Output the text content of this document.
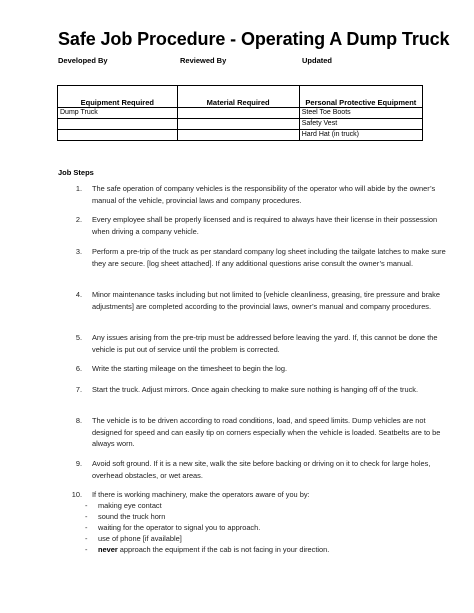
Safe Job Procedure - Operating A Dump Truck
Developed By	Reviewed By	Updated
Equipment Required	Material Required	Personal Protective Equipment
Dump Truck		Steel Toe Boots
		Safety Vest
		Hard Hat (in truck)
Job Steps
1. The safe operation of company vehicles is the responsibility of the operator who will abide by the owner’s manual of the vehicle, provincial laws and company procedures.
2. Every employee shall be properly licensed and is required to always have their license in their possession when driving a company vehicle.
3. Perform a pre-trip of the truck as per standard company log sheet including the tailgate latches to make sure they are secure. [log sheet attached]. If any additional questions arise consult the owner’s manual.
4. Minor maintenance tasks including but not limited to [vehicle cleanliness, greasing, tire pressure and brake adjustments] are completed according to the provincial laws, owner’s manual and company procedures.
5. Any issues arising from the pre-trip must be addressed before leaving the yard. If, this cannot be done the vehicle is put out of service until the problem is corrected.
6. Write the starting mileage on the timesheet to begin the log.
7. Start the truck. Adjust mirrors. Once again checking to make sure nothing is hanging off of the truck.
8. The vehicle is to be driven according to road conditions, load, and speed limits. Dump vehicles are not designed for speed and can easily tip on corners especially when the vehicle is loaded. Seatbelts are to be always worn.
9. Avoid soft ground. If it is a new site, walk the site before backing or driving on it to check for large holes, overhead obstacles, or wet areas.
10. If there is working machinery, make the operators aware of you by:
- making eye contact
- sound the truck horn
- waiting for the operator to signal you to approach.
- use of phone [if available]
- never approach the equipment if the cab is not facing in your direction.
